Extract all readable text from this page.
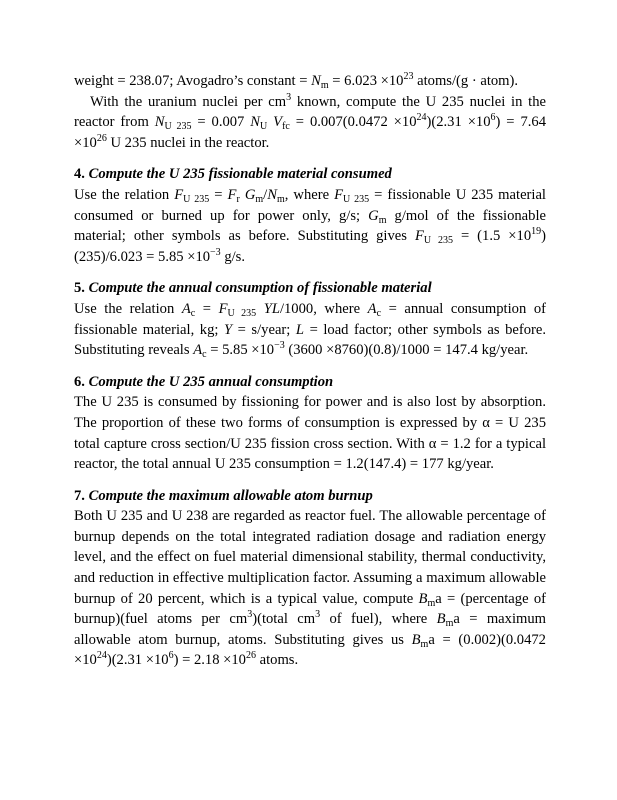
weight = 238.07; Avogadro’s constant = $N_m = 6.023 \times 10^{23}$ atoms/(g · atom).

With the uranium nuclei per $cm^3$ known, compute the U 235 nuclei in the reactor from $N_{U 235} = 0.007$ $N_U$ $V_{fc} = 0.007(0.0472 \times 10^{24})(2.31 \times 10^6) = 7.64 \times 10^{26}$ U 235 nuclei in the reactor.

4. Compute the U 235 fissionable material consumed

Use the relation $F_{U 235} = F_r$ $G_m/N_m$, where $F_{U 235}$ = fissionable U 235 material consumed or burned up for power only, g/s; $G_m$ g/mol of the fissionable material; other symbols as before. Substituting gives $F_{U 235} = (1.5 \times 10^{19})(235)/6.023 = 5.85 \times 10^{-3}$ g/s.

5. Compute the annual consumption of fissionable material

Use the relation $A_c = F_{U 235}$ YL/1000, where $A_c$ = annual consumption of fissionable material, kg; Y = s/year; L = load factor; other symbols as before. Substituting reveals $A_c = 5.85 \times 10^{-3}$ (3600 ×8760)(0.8)/1000 = 147.4 kg/year.

6. Compute the U 235 annual consumption

The U 235 is consumed by fissioning for power and is also lost by absorption. The proportion of these two forms of consumption is expressed by α = U 235 total capture cross section/U 235 fission cross section. With α = 1.2 for a typical reactor, the total annual U 235 consumption = 1.2(147.4) = 177 kg/year.

7. Compute the maximum allowable atom burnup

Both U 235 and U 238 are regarded as reactor fuel. The allowable percentage of burnup depends on the total integrated radiation dosage and radiation energy level, and the effect on fuel material dimensional stability, thermal conductivity, and reduction in effective multiplication factor. Assuming a maximum allowable burnup of 20 percent, which is a typical value, compute $B_ma$ = (percentage of burnup)(fuel atoms per $cm^3)(total$ $cm^3$ of fuel), where $B_ma$ = maximum allowable atom burnup, atoms. Substituting gives us $B_ma = (0.002)(0.0472 \times 10^{24})(2.31 \times 10^6) = 2.18 \times 10^{26}$ atoms.
